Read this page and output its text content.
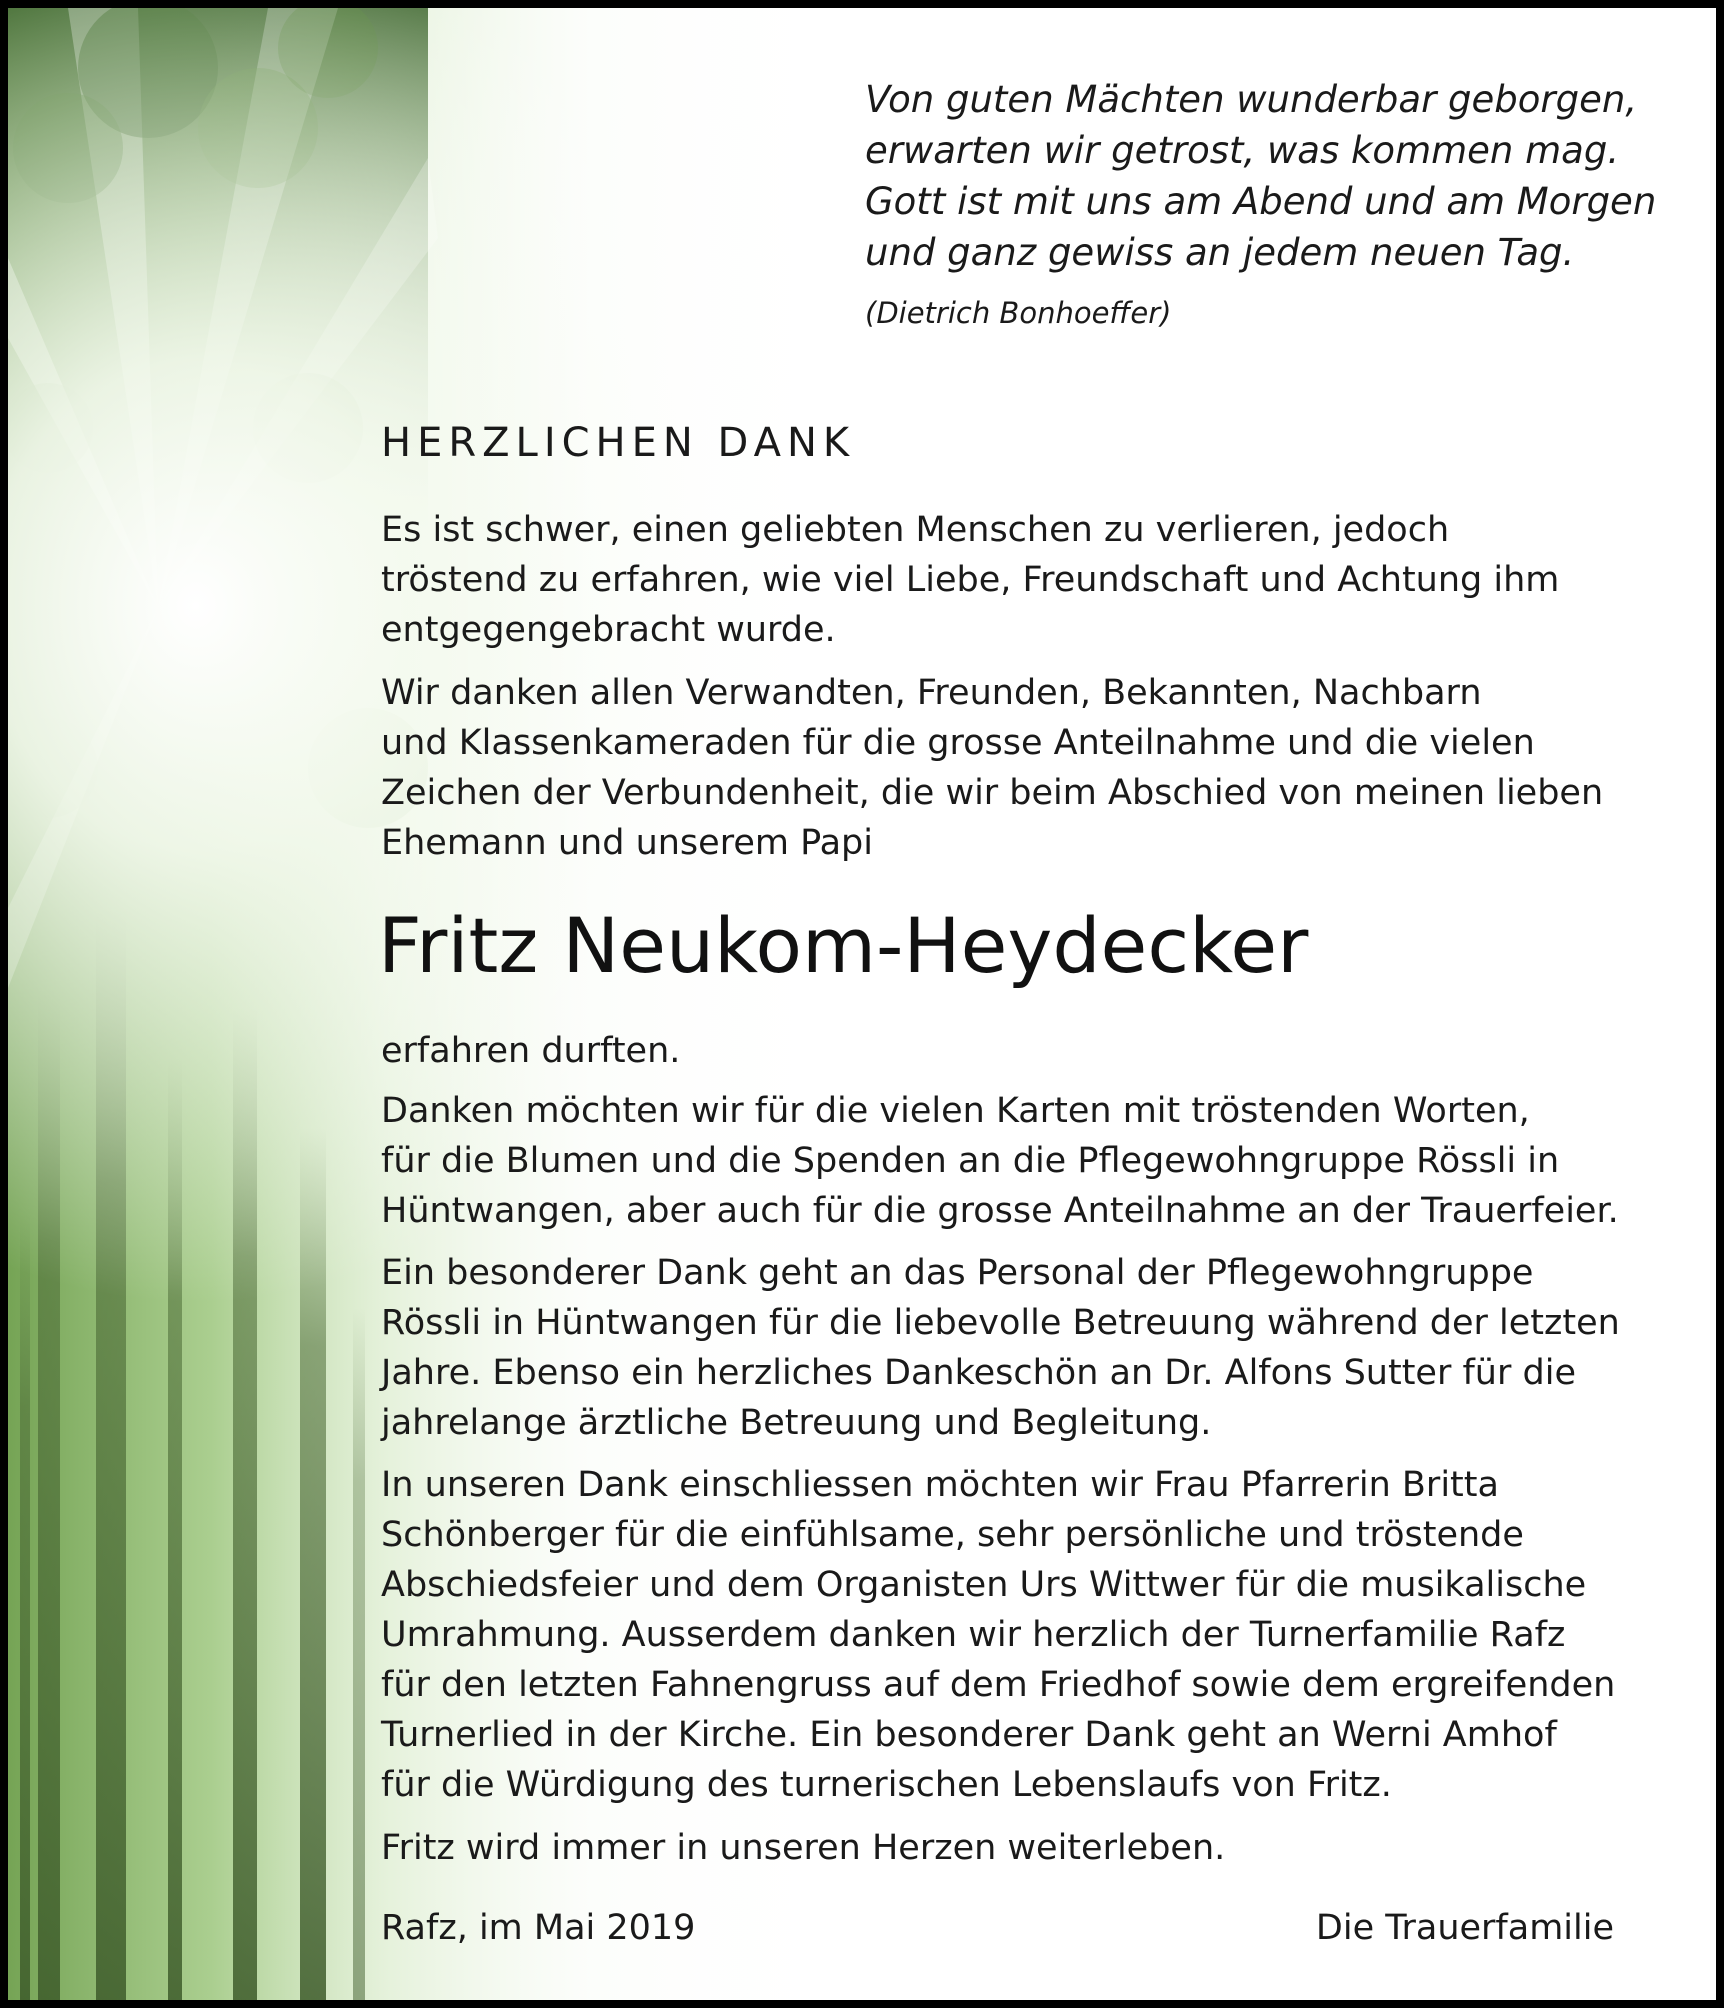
Von guten Mächten wunderbar geborgen,
erwarten wir getrost, was kommen mag.
Gott ist mit uns am Abend und am Morgen
und ganz gewiss an jedem neuen Tag.
(Dietrich Bonhoeffer)
HERZLICHEN DANK
Es ist schwer, einen geliebten Menschen zu verlieren, jedoch
tröstend zu erfahren, wie viel Liebe, Freundschaft und Achtung ihm
entgegengebracht wurde.
Wir danken allen Verwandten, Freunden, Bekannten, Nachbarn
und Klassenkameraden für die grosse Anteilnahme und die vielen
Zeichen der Verbundenheit, die wir beim Abschied von meinen lieben
Ehemann und unserem Papi
Fritz Neukom-Heydecker
erfahren durften.
Danken möchten wir für die vielen Karten mit tröstenden Worten,
für die Blumen und die Spenden an die Pflegewohngruppe Rössli in
Hüntwangen, aber auch für die grosse Anteilnahme an der Trauerfeier.
Ein besonderer Dank geht an das Personal der Pflegewohngruppe
Rössli in Hüntwangen für die liebevolle Betreuung während der letzten
Jahre. Ebenso ein herzliches Dankeschön an Dr. Alfons Sutter für die
jahrelange ärztliche Betreuung und Begleitung.
In unseren Dank einschliessen möchten wir Frau Pfarrerin Britta
Schönberger für die einfühlsame, sehr persönliche und tröstende
Abschiedsfeier und dem Organisten Urs Wittwer für die musikalische
Umrahmung. Ausserdem danken wir herzlich der Turnerfamilie Rafz
für den letzten Fahnengruss auf dem Friedhof sowie dem ergreifenden
Turnerlied in der Kirche. Ein besonderer Dank geht an Werni Amhof
für die Würdigung des turnerischen Lebenslaufs von Fritz.
Fritz wird immer in unseren Herzen weiterleben.
Rafz, im Mai 2019	Die Trauerfamilie
